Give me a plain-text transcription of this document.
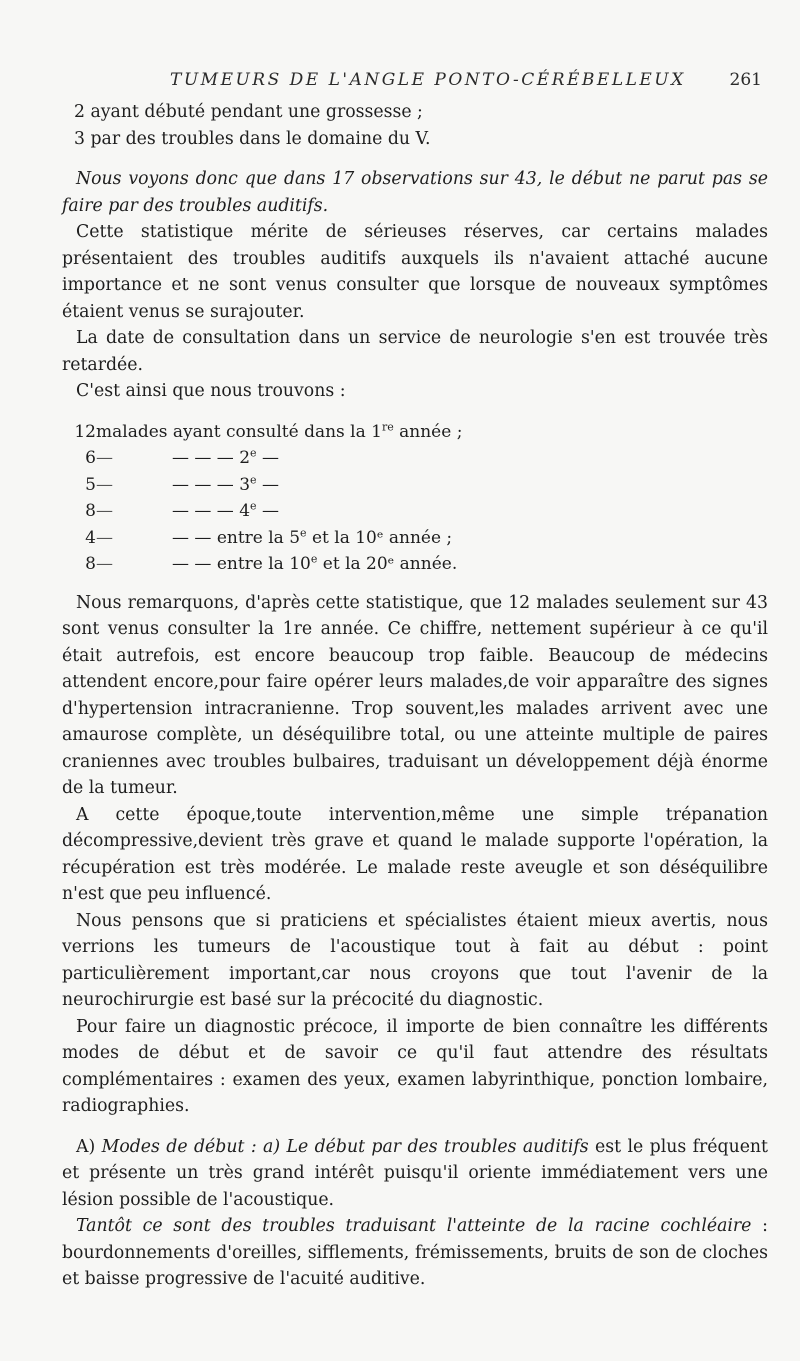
TUMEURS DE L'ANGLE PONTO-CÉRÉBELLEUX	261

2 ayant débuté pendant une grossesse ;

3 par des troubles dans le domaine du V.

Nous voyons donc que dans 17 observations sur 43, le début ne parut pas se faire par des troubles auditifs.

Cette statistique mérite de sérieuses réserves, car certains malades présentaient des troubles auditifs auxquels ils n'avaient attaché aucune importance et ne sont venus consulter que lorsque de nouveaux symptômes étaient venus se surajouter.

La date de consultation dans un service de neurologie s'en est trouvée très retardée.

C'est ainsi que nous trouvons :

12	malades ayant consulté dans la 1re année ;	
6	—	— — — 2e —
5	—	— — — 3e —
8	—	— — — 4e —
4	—	— — entre la 5e et la 10ᵉ année ;
8	—	— — entre la 10e et la 20ᵉ année.

Nous remarquons, d'après cette statistique, que 12 malades seulement sur 43 sont venus consulter la 1re année. Ce chiffre, nettement supérieur à ce qu'il était autrefois, est encore beaucoup trop faible. Beaucoup de médecins attendent encore,pour faire opérer leurs malades,de voir apparaître des signes d'hypertension intracranienne. Trop souvent,les malades arrivent avec une amaurose complète, un déséquilibre total, ou une atteinte multiple de paires craniennes avec troubles bulbaires, traduisant un développement déjà énorme de la tumeur.

A cette époque,toute intervention,même une simple trépanation décompressive,devient très grave et quand le malade supporte l'opération, la récupération est très modérée. Le malade reste aveugle et son déséquilibre n'est que peu influencé.

Nous pensons que si praticiens et spécialistes étaient mieux avertis, nous verrions les tumeurs de l'acoustique tout à fait au début : point particulièrement important,car nous croyons que tout l'avenir de la neurochirurgie est basé sur la précocité du diagnostic.

Pour faire un diagnostic précoce, il importe de bien connaître les différents modes de début et de savoir ce qu'il faut attendre des résultats complémentaires : examen des yeux, examen labyrinthique, ponction lombaire, radiographies.

A) Modes de début : a) Le début par des troubles auditifs est le plus fréquent et présente un très grand intérêt puisqu'il oriente immédiatement vers une lésion possible de l'acoustique.

Tantôt ce sont des troubles traduisant l'atteinte de la racine cochléaire : bourdonnements d'oreilles, sifflements, frémissements, bruits de son de cloches et baisse progressive de l'acuité auditive.
